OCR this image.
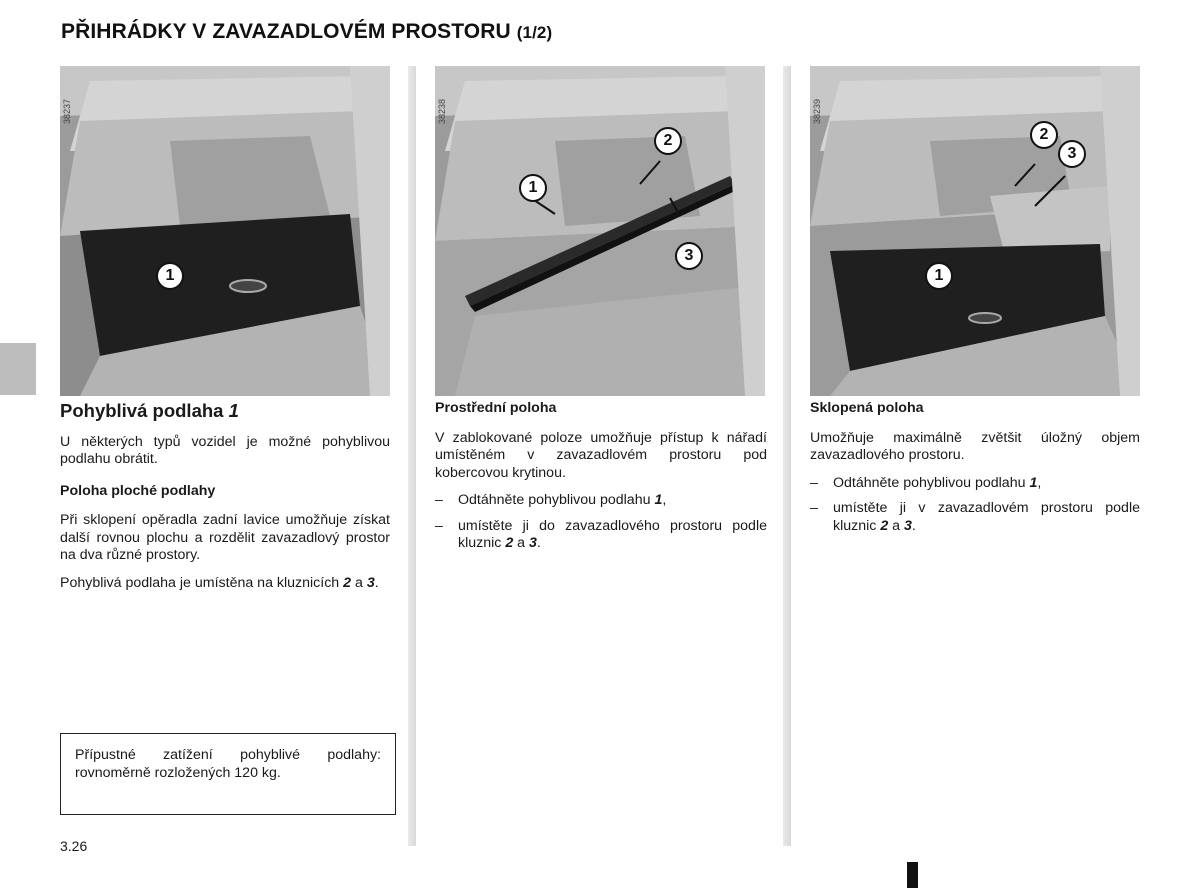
PŘIHRÁDKY V ZAVAZADLOVÉM PROSTORU (1/2)
38237
1
38238
1
2
3
38239
1
2
3
Pohyblivá podlaha 1

U některých typů vozidel je možné pohyblivou podlahu obrátit.

Poloha ploché podlahy

Při sklopení opěradla zadní lavice umožňuje získat další rovnou plochu a rozdělit zavazadlový prostor na dva různé prostory.

Pohyblivá podlaha je umístěna na kluznicích 2 a 3.

Přípustné zatížení pohyblivé podlahy: rovnoměrně rozložených 120 kg.
Prostřední poloha

V zablokované poloze umožňuje přístup k nářadí umístěném v zavazadlovém prostoru pod kobercovou krytinou.

– Odtáhněte pohyblivou podlahu 1,
– umístěte ji do zavazadlového prostoru podle kluznic 2 a 3.
Sklopená poloha

Umožňuje maximálně zvětšit úložný objem zavazadlového prostoru.

– Odtáhněte pohyblivou podlahu 1,
– umístěte ji v zavazadlovém prostoru podle kluznic 2 a 3.
3.26
